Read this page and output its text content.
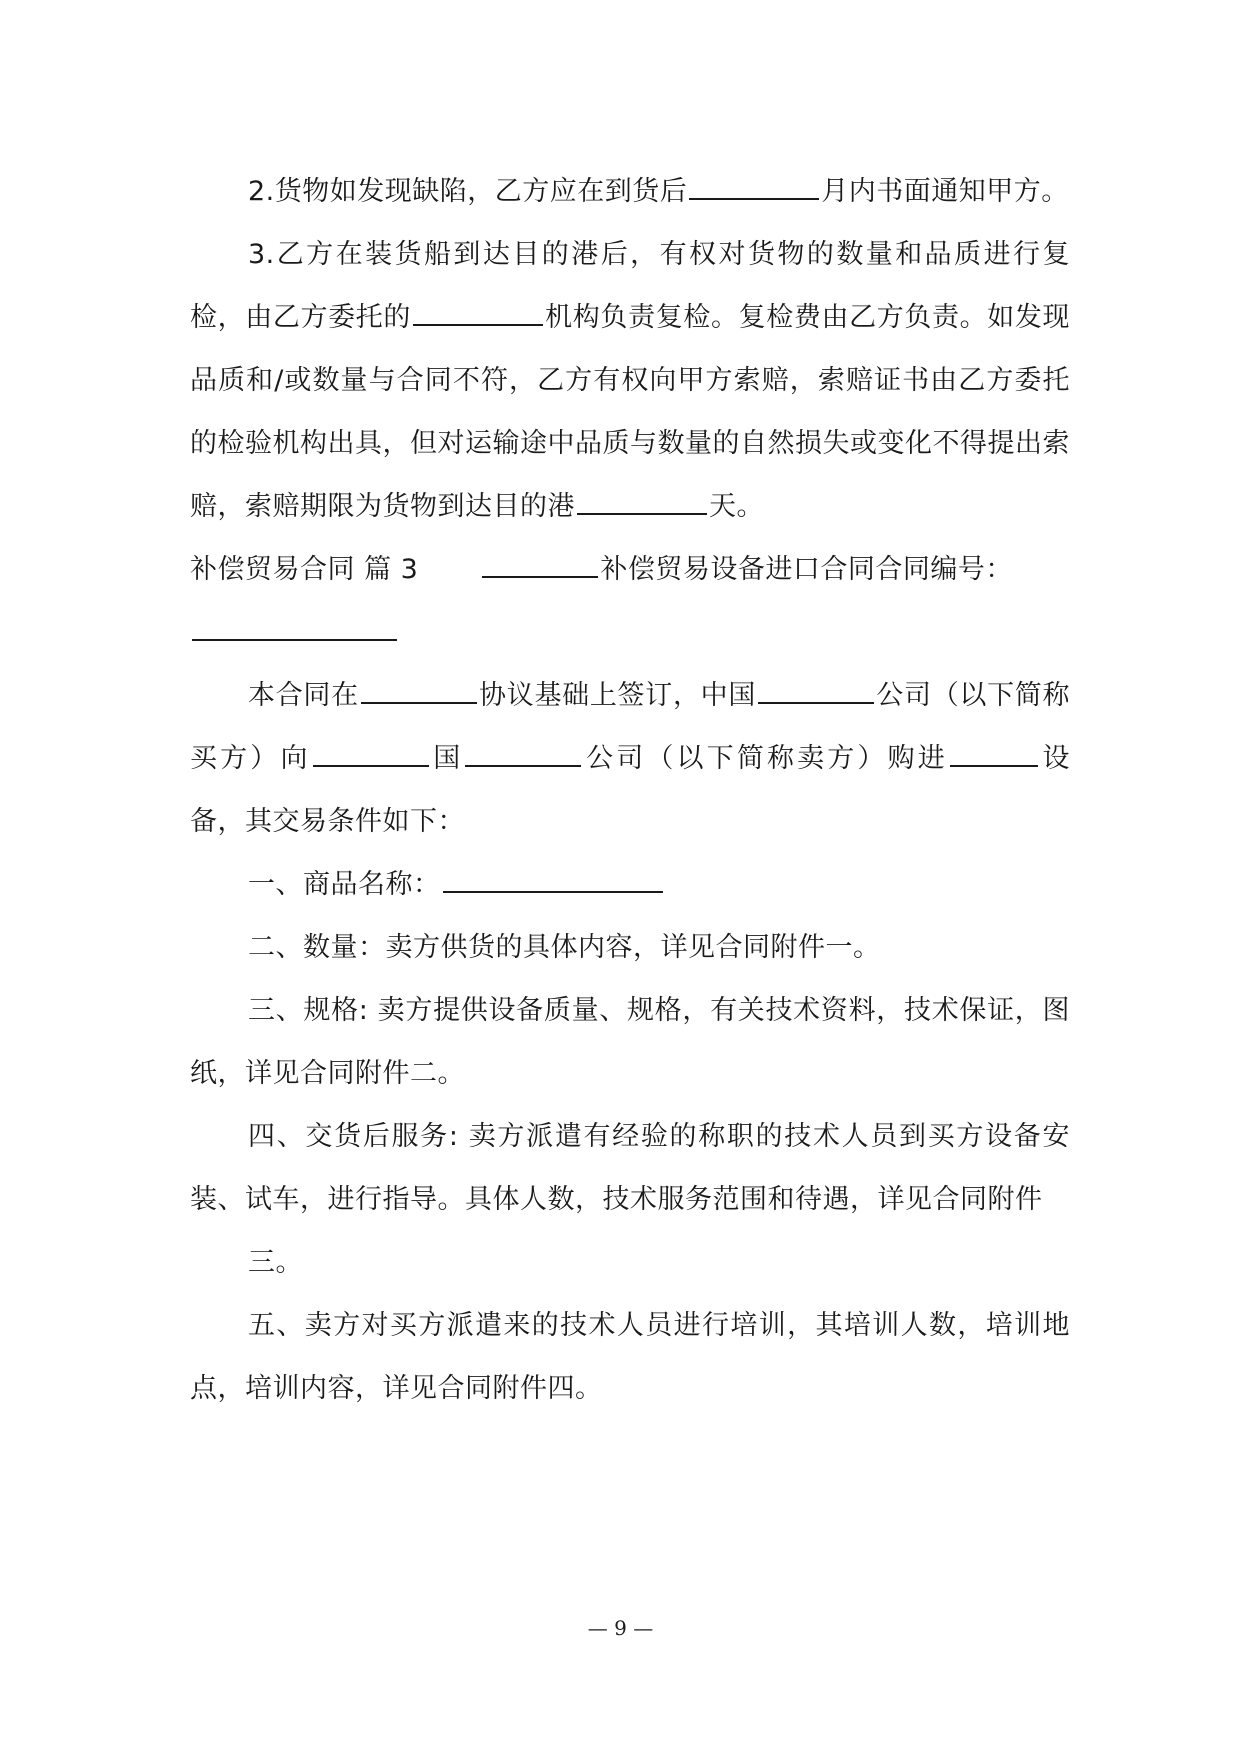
2.货物如发现缺陷，乙方应在到货后	月内书面通知甲方。

3.乙方在装货船到达目的港后，有权对货物的数量和品质进行复检，由乙方委托的	机构负责复检。复检费由乙方负责。如发现品质和/或数量与合同不符，乙方有权向甲方索赔，索赔证书由乙方委托的检验机构出具，但对运输途中品质与数量的自然损失或变化不得提出索赔，索赔期限为货物到达目的港	天。

补偿贸易合同 篇 3	补偿贸易设备进口合同合同编号：

本合同在	协议基础上签订，中国	公司（以下简称买方）向	国	公司（以下简称卖方）购进	设备，其交易条件如下：

一、商品名称：

二、数量：卖方供货的具体内容，详见合同附件一。

三、规格: 卖方提供设备质量、规格，有关技术资料，技术保证，图纸，详见合同附件二。

四、交货后服务: 卖方派遣有经验的称职的技术人员到买方设备安装、试车，进行指导。具体人数，技术服务范围和待遇，详见合同附件

三。

五、卖方对买方派遣来的技术人员进行培训，其培训人数，培训地点，培训内容，详见合同附件四。

— 9 —
